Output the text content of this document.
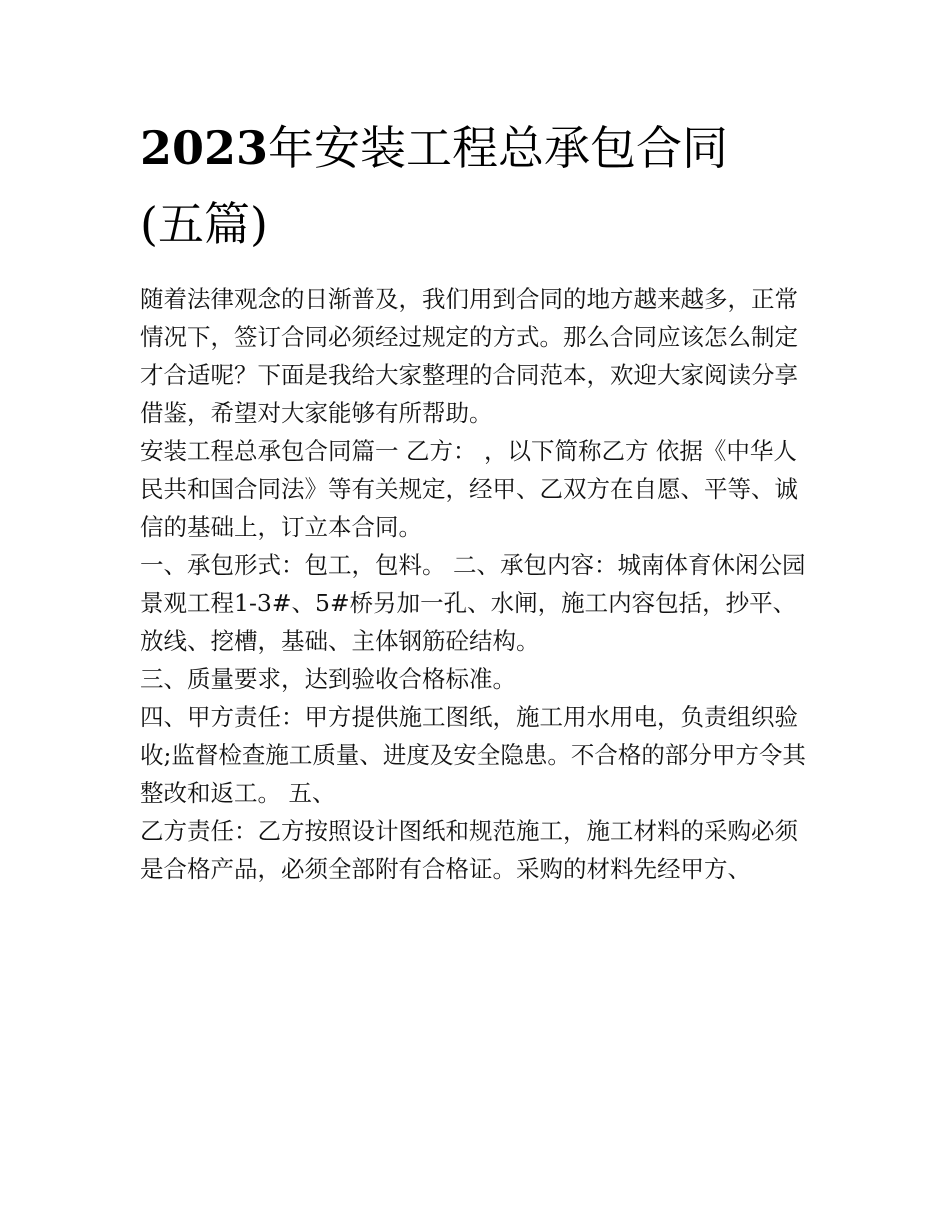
2023年安装工程总承包合同
(五篇)

随着法律观念的日渐普及，我们用到合同的地方越来越多，正常情况下，签订合同必须经过规定的方式。那么合同应该怎么制定才合适呢？下面是我给大家整理的合同范本，欢迎大家阅读分享借鉴，希望对大家能够有所帮助。

安装工程总承包合同篇一 乙方： ，以下简称乙方 依据《中华人民共和国合同法》等有关规定，经甲、乙双方在自愿、平等、诚信的基础上，订立本合同。

一、承包形式：包工，包料。 二、承包内容：城南体育休闲公园景观工程1-3#、5#桥另加一孔、水闸，施工内容包括，抄平、放线、挖槽，基础、主体钢筋砼结构。

三、质量要求，达到验收合格标准。

四、甲方责任：甲方提供施工图纸，施工用水用电，负责组织验收;监督检查施工质量、进度及安全隐患。不合格的部分甲方令其整改和返工。 五、

乙方责任：乙方按照设计图纸和规范施工，施工材料的采购必须是合格产品，必须全部附有合格证。采购的材料先经甲方、
